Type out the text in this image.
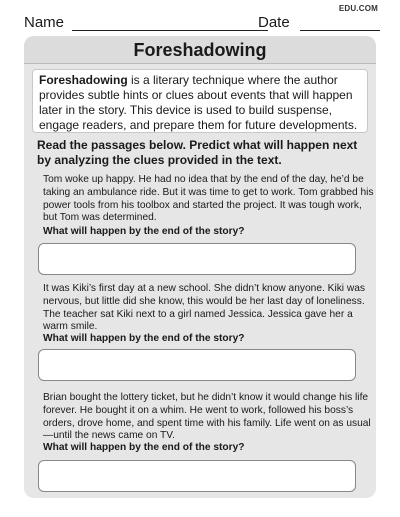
Name	Date
EDU.COM
Foreshadowing
Foreshadowing is a literary technique where the author provides subtle hints or clues about events that will happen later in the story. This device is used to build suspense, engage readers, and prepare them for future developments.
Read the passages below. Predict what will happen next by analyzing the clues provided in the text.
Tom woke up happy. He had no idea that by the end of the day, he’d be taking an ambulance ride. But it was time to get to work. Tom grabbed his power tools from his toolbox and started the project. It was tough work, but Tom was determined.
What will happen by the end of the story?
It was Kiki’s first day at a new school. She didn’t know anyone. Kiki was nervous, but little did she know, this would be her last day of loneliness. The teacher sat Kiki next to a girl named Jessica. Jessica gave her a warm smile.
What will happen by the end of the story?
Brian bought the lottery ticket, but he didn’t know it would change his life forever. He bought it on a whim. He went to work, followed his boss’s orders, drove home, and spent time with his family. Life went on as usual—until the news came on TV.
What will happen by the end of the story?
